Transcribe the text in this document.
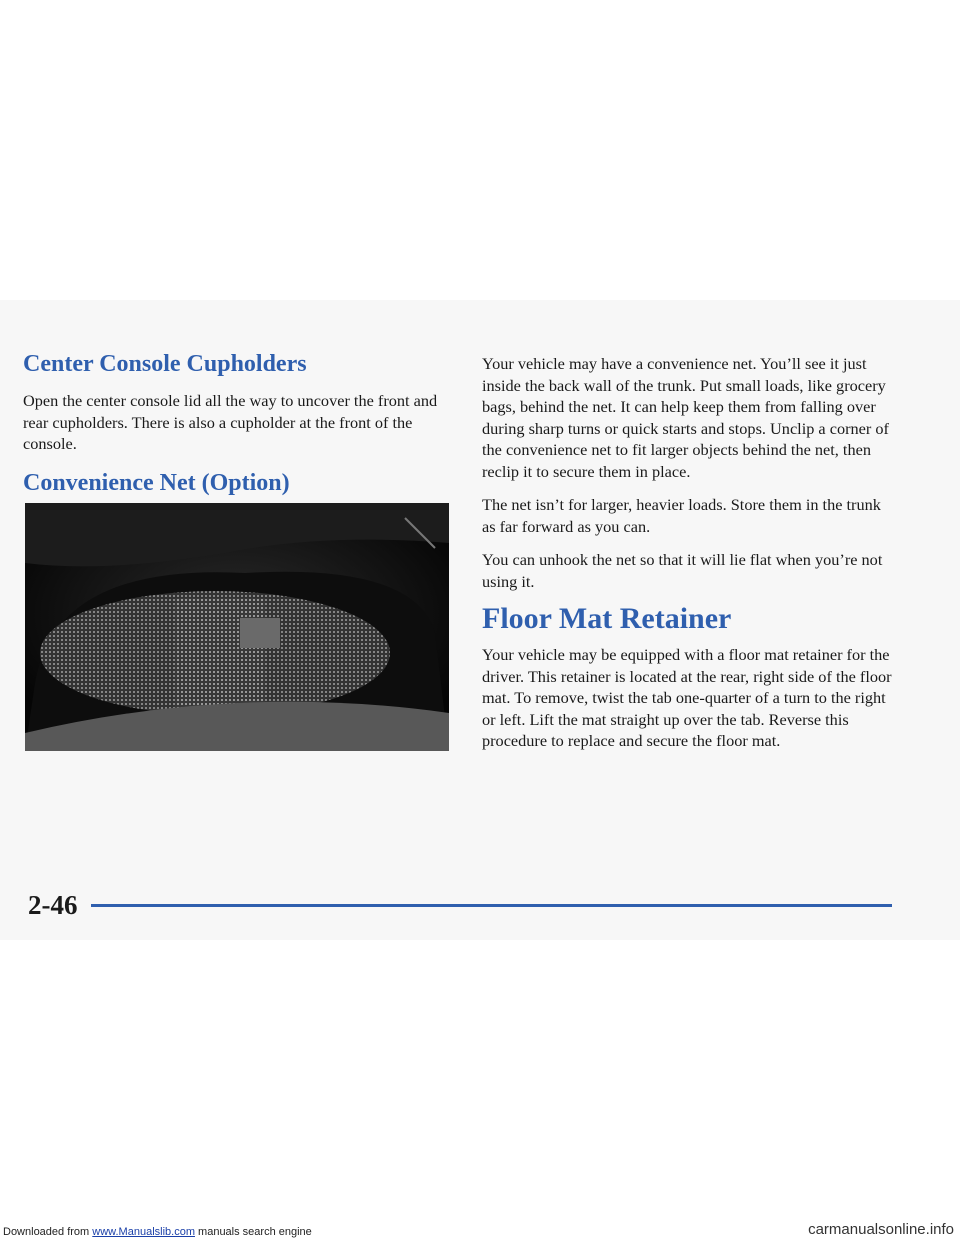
Center Console Cupholders

Open the center console lid all the way to uncover the front and rear cupholders. There is also a cupholder at the front of the console.

Convenience Net (Option)

Your vehicle may have a convenience net. You’ll see it just inside the back wall of the trunk. Put small loads, like grocery bags, behind the net. It can help keep them from falling over during sharp turns or quick starts and stops. Unclip a corner of the convenience net to fit larger objects behind the net, then reclip it to secure them in place.

The net isn’t for larger, heavier loads. Store them in the trunk as far forward as you can.

You can unhook the net so that it will lie flat when you’re not using it.

Floor Mat Retainer

Your vehicle may be equipped with a floor mat retainer for the driver. This retainer is located at the rear, right side of the floor mat. To remove, twist the tab one-quarter of a turn to the right or left. Lift the mat straight up over the tab. Reverse this procedure to replace and secure the floor mat.

2-46
Downloaded from www.Manualslib.com manuals search engine	carmanualsonline.info
